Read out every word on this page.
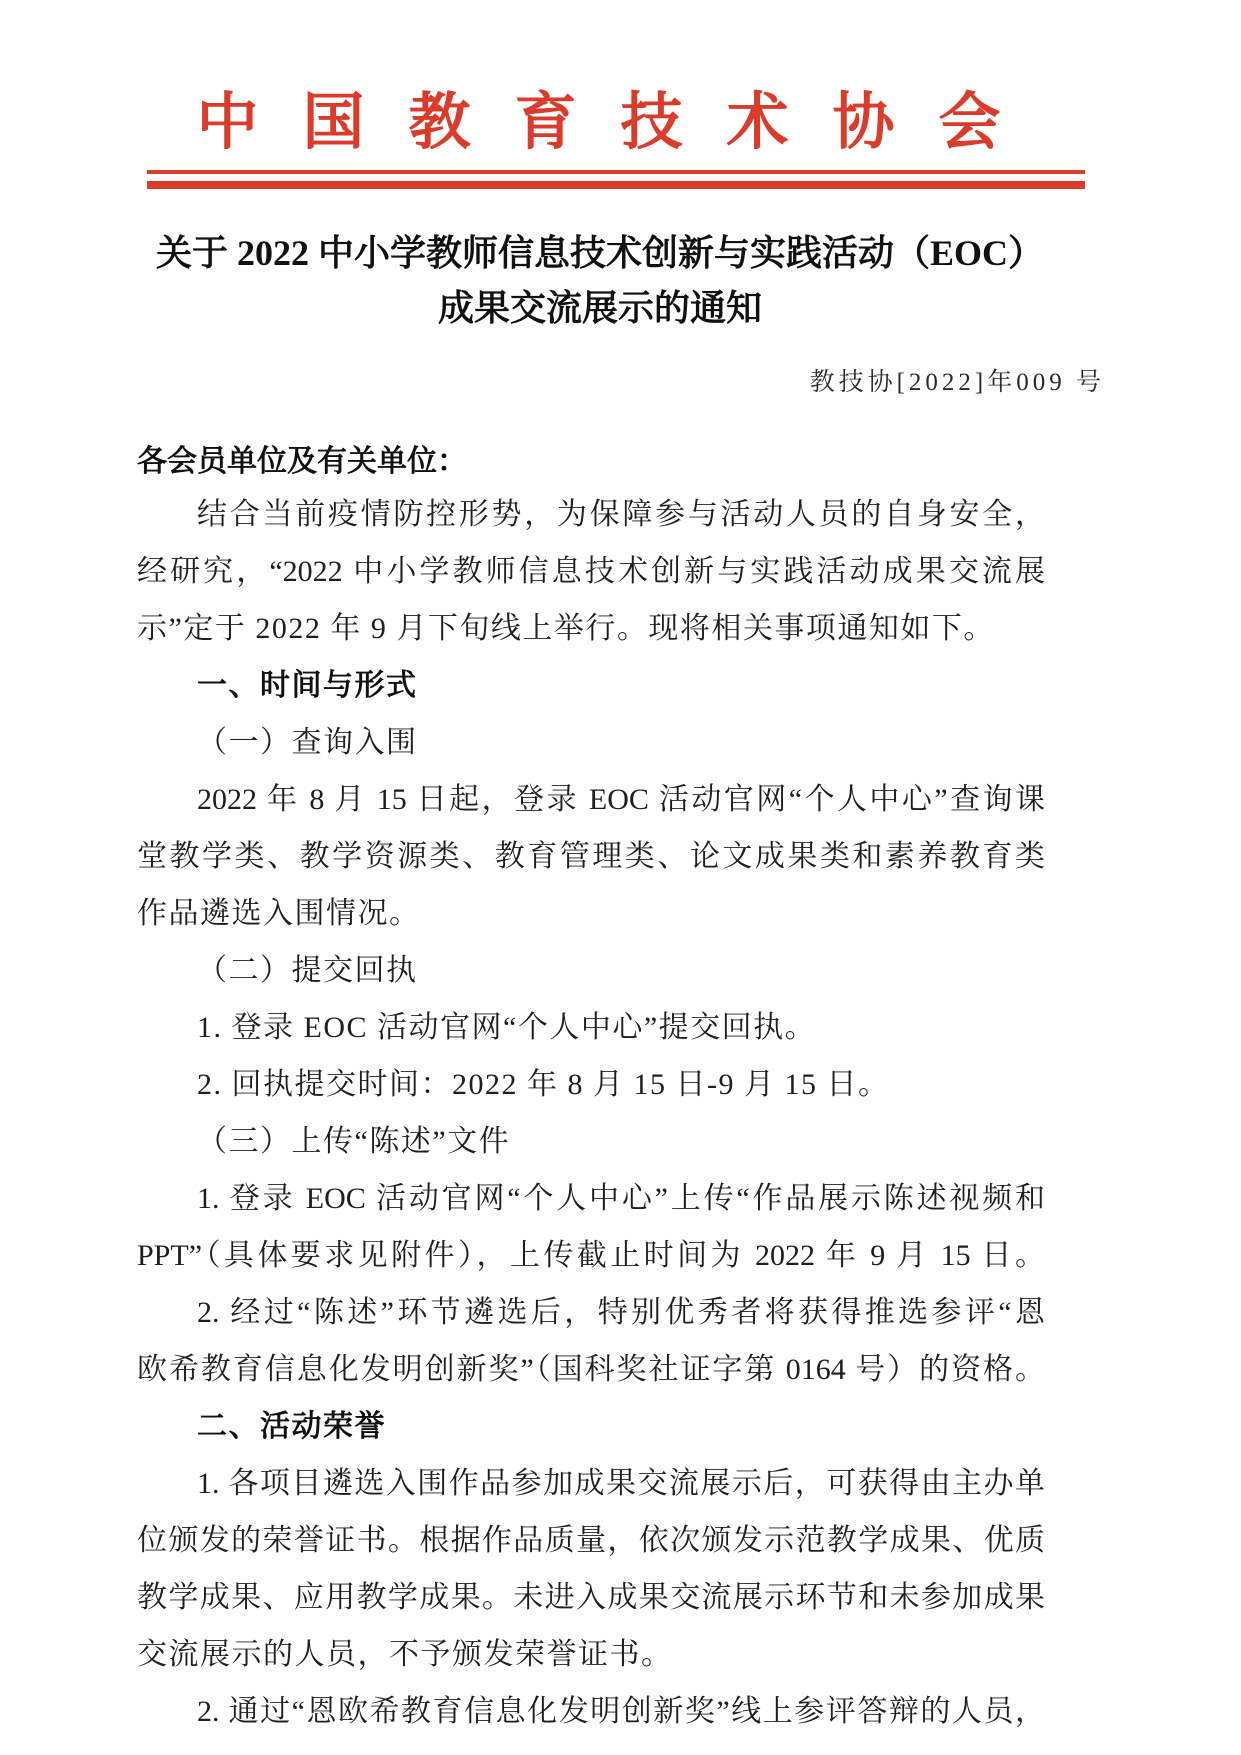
中国教育技术协会
关于 2022 中小学教师信息技术创新与实践活动（EOC）
成果交流展示的通知
教技协[2022]年009 号
各会员单位及有关单位：
结合当前疫情防控形势，为保障参与活动人员的自身安全，
经研究，“2022 中小学教师信息技术创新与实践活动成果交流展
示”定于 2022 年 9 月下旬线上举行。现将相关事项通知如下。
一、时间与形式
（一）查询入围
2022 年 8 月 15 日起，登录 EOC 活动官网“个人中心”查询课
堂教学类、教学资源类、教育管理类、论文成果类和素养教育类
作品遴选入围情况。
（二）提交回执
1. 登录 EOC 活动官网“个人中心”提交回执。
2. 回执提交时间：2022 年 8 月 15 日-9 月 15 日。
（三）上传“陈述”文件
1. 登录 EOC 活动官网“个人中心”上传“作品展示陈述视频和
PPT”（具体要求见附件），上传截止时间为 2022 年 9 月 15 日。
2. 经过“陈述”环节遴选后，特别优秀者将获得推选参评“恩
欧希教育信息化发明创新奖”（国科奖社证字第 0164 号）的资格。
二、活动荣誉
1. 各项目遴选入围作品参加成果交流展示后，可获得由主办单
位颁发的荣誉证书。根据作品质量，依次颁发示范教学成果、优质
教学成果、应用教学成果。未进入成果交流展示环节和未参加成果
交流展示的人员，不予颁发荣誉证书。
2. 通过“恩欧希教育信息化发明创新奖”线上参评答辩的人员，
